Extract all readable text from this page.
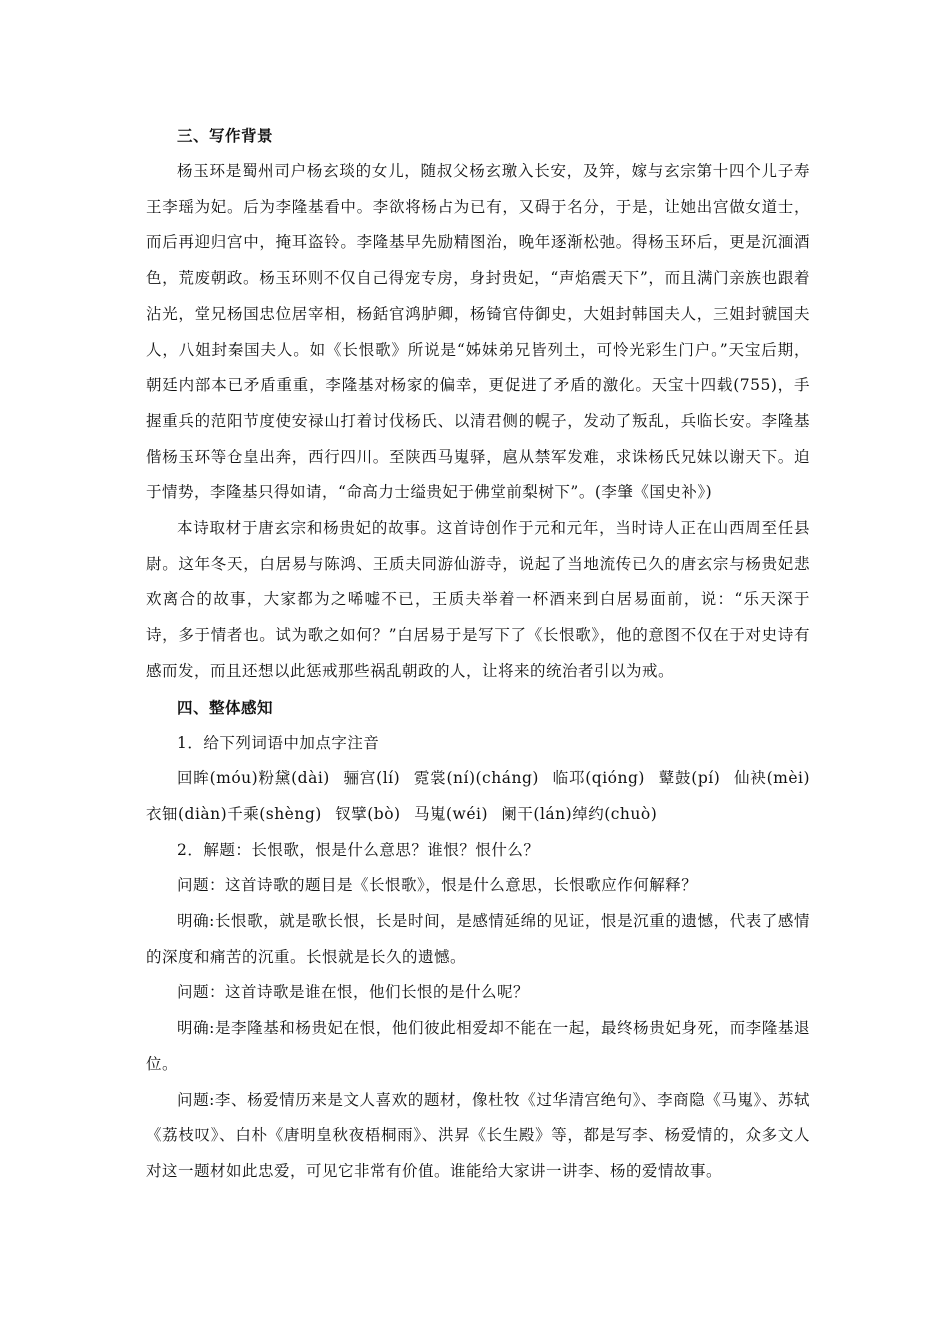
三、写作背景

杨玉环是蜀州司户杨玄琰的女儿，随叔父杨玄璬入长安，及笄，嫁与玄宗第十四个儿子寿王李瑶为妃。后为李隆基看中。李欲将杨占为已有，又碍于名分，于是，让她出宫做女道士，而后再迎归宫中，掩耳盗铃。李隆基早先励精图治，晚年逐渐松弛。得杨玉环后，更是沉湎酒色，荒废朝政。杨玉环则不仅自己得宠专房，身封贵妃，“声焰震天下”，而且满门亲族也跟着沾光，堂兄杨国忠位居宰相，杨銛官鸿胪卿，杨锜官侍御史，大姐封韩国夫人，三姐封虢国夫人，八姐封秦国夫人。如《长恨歌》所说是“姊妹弟兄皆列土，可怜光彩生门户。”天宝后期，朝廷内部本已矛盾重重，李隆基对杨家的偏幸，更促进了矛盾的激化。天宝十四载(755)，手握重兵的范阳节度使安禄山打着讨伐杨氏、以清君侧的幌子，发动了叛乱，兵临长安。李隆基偕杨玉环等仓皇出奔，西行四川。至陕西马嵬驿，扈从禁军发难，求诛杨氏兄妹以谢天下。迫于情势，李隆基只得如请，“命高力士缢贵妃于佛堂前梨树下”。(李肇《国史补》)

本诗取材于唐玄宗和杨贵妃的故事。这首诗创作于元和元年，当时诗人正在山西周至任县尉。这年冬天，白居易与陈鸿、王质夫同游仙游寺，说起了当地流传已久的唐玄宗与杨贵妃悲欢离合的故事，大家都为之唏嘘不已，王质夫举着一杯酒来到白居易面前，说：“乐天深于诗，多于情者也。试为歌之如何？”白居易于是写下了《长恨歌》，他的意图不仅在于对史诗有感而发，而且还想以此惩戒那些祸乱朝政的人，让将来的统治者引以为戒。

四、整体感知

1．给下列词语中加点字注音

回眸(móu)粉黛(dài) 骊宫(lí) 霓裳(ní)(cháng) 临邛(qióng) 鼙鼓(pí) 仙袂(mèi) 衣钿(diàn)千乘(shèng) 钗擘(bò) 马嵬(wéi) 阑干(lán)绰约(chuò)

2．解题：长恨歌，恨是什么意思？谁恨？恨什么？

问题：这首诗歌的题目是《长恨歌》，恨是什么意思，长恨歌应作何解释？

明确:长恨歌，就是歌长恨，长是时间，是感情延绵的见证，恨是沉重的遗憾，代表了感情的深度和痛苦的沉重。长恨就是长久的遗憾。

问题：这首诗歌是谁在恨，他们长恨的是什么呢？

明确:是李隆基和杨贵妃在恨，他们彼此相爱却不能在一起，最终杨贵妃身死，而李隆基退位。

问题:李、杨爱情历来是文人喜欢的题材，像杜牧《过华清宫绝句》、李商隐《马嵬》、苏轼《荔枝叹》、白朴《唐明皇秋夜梧桐雨》、洪昇《长生殿》等，都是写李、杨爱情的，众多文人对这一题材如此忠爱，可见它非常有价值。谁能给大家讲一讲李、杨的爱情故事。
